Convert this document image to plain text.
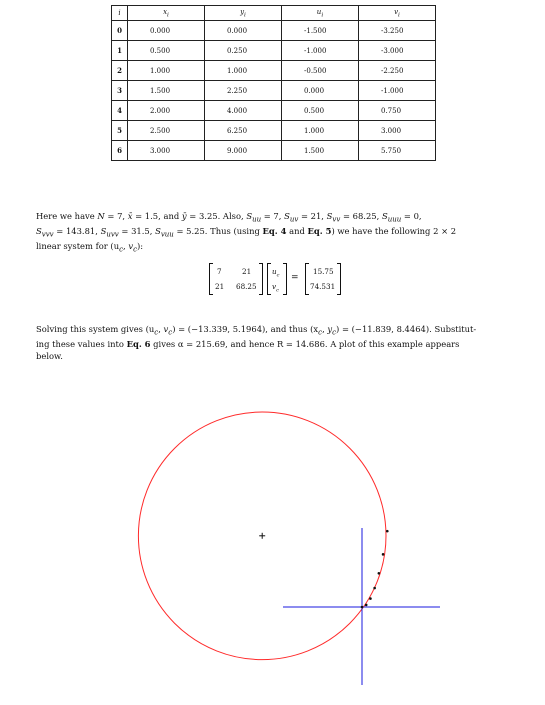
i	$x_i$	$y_i$	$u_i$	$v_i$
0	0.000	0.000	-1.500	-3.250
1	0.500	0.250	-1.000	-3.000
2	1.000	1.000	-0.500	-2.250
3	1.500	2.250	0.000	-1.000
4	2.000	4.000	0.500	0.750
5	2.500	6.250	1.000	3.000
6	3.000	9.000	1.500	5.750

Here we have N = 7, x̄ = 1.5, and ȳ = 3.25. Also, $S_{uu} = 7$, $S_{uv} = 21$, $S_{vv} = 68.25$, $S_{uuu} = 0$,
$S_{vvv} = 143.81$, $S_{uvv} = 31.5$, $S_{vuu} = 5.25$. Thus (using Eq. 4 and Eq. 5) we have the following 2 × 2
linear system for ($u_c$, $v_c$):

7	21
21 68.25
$u_c$
$v_c$
=
15.75
74.531

Solving this system gives ($u_c$, $v_c) = (-13.339$, 5.1964), and thus ($x_c$, $y_c) = (-11.839$, 8.4464). Substitut-
ing these values into Eq. 6 gives α = 215.69, and hence R = 14.686. A plot of this example appears
below.
